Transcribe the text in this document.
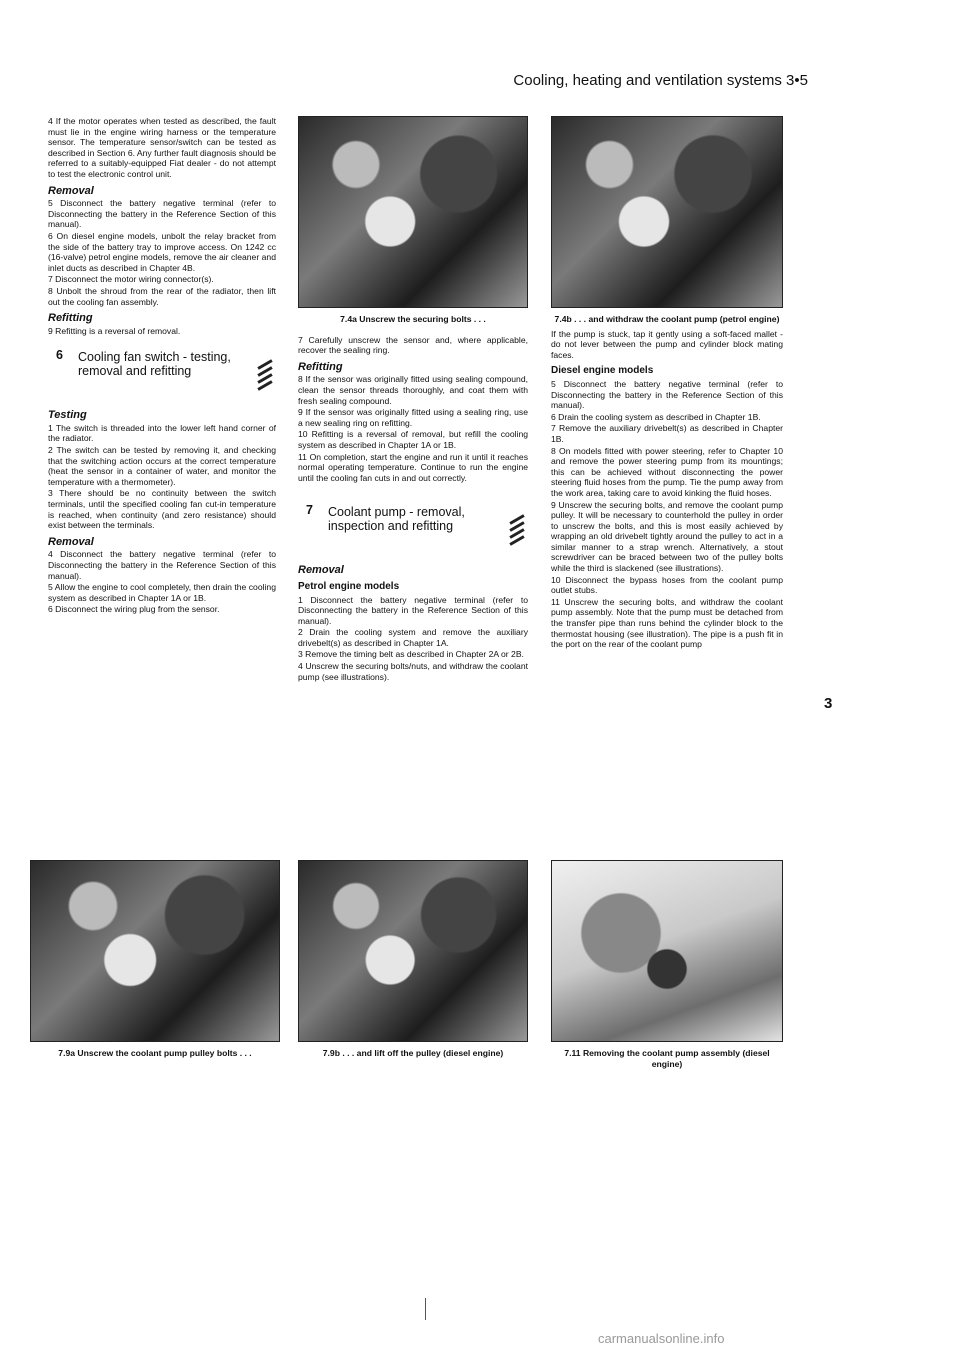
Cooling, heating and ventilation systems 3•5

4 If the motor operates when tested as described, the fault must lie in the engine wiring harness or the temperature sensor. The temperature sensor/switch can be tested as described in Section 6. Any further fault diagnosis should be referred to a suitably-equipped Fiat dealer - do not attempt to test the electronic control unit.

Removal

5 Disconnect the battery negative terminal (refer to Disconnecting the battery in the Reference Section of this manual).

6 On diesel engine models, unbolt the relay bracket from the side of the battery tray to improve access. On 1242 cc (16-valve) petrol engine models, remove the air cleaner and inlet ducts as described in Chapter 4B.

7 Disconnect the motor wiring connector(s).

8 Unbolt the shroud from the rear of the radiator, then lift out the cooling fan assembly.

Refitting

9 Refitting is a reversal of removal.

6	Cooling fan switch - testing, removal and refitting
Testing

1 The switch is threaded into the lower left hand corner of the radiator.

2 The switch can be tested by removing it, and checking that the switching action occurs at the correct temperature (heat the sensor in a container of water, and monitor the temperature with a thermometer).

3 There should be no continuity between the switch terminals, until the specified cooling fan cut-in temperature is reached, when continuity (and zero resistance) should exist between the terminals.

Removal

4 Disconnect the battery negative terminal (refer to Disconnecting the battery in the Reference Section of this manual).

5 Allow the engine to cool completely, then drain the cooling system as described in Chapter 1A or 1B.

6 Disconnect the wiring plug from the sensor.

7.4a Unscrew the securing bolts . . .

7 Carefully unscrew the sensor and, where applicable, recover the sealing ring.

Refitting

8 If the sensor was originally fitted using sealing compound, clean the sensor threads thoroughly, and coat them with fresh sealing compound.

9 If the sensor was originally fitted using a sealing ring, use a new sealing ring on refitting.

10 Refitting is a reversal of removal, but refill the cooling system as described in Chapter 1A or 1B.

11 On completion, start the engine and run it until it reaches normal operating temperature. Continue to run the engine until the cooling fan cuts in and out correctly.

7	Coolant pump - removal, inspection and refitting
Removal
Petrol engine models

1 Disconnect the battery negative terminal (refer to Disconnecting the battery in the Reference Section of this manual).

2 Drain the cooling system and remove the auxiliary drivebelt(s) as described in Chapter 1A.

3 Remove the timing belt as described in Chapter 2A or 2B.

4 Unscrew the securing bolts/nuts, and withdraw the coolant pump (see illustrations).

7.4b . . . and withdraw the coolant pump (petrol engine)

If the pump is stuck, tap it gently using a soft-faced mallet - do not lever between the pump and cylinder block mating faces.

Diesel engine models

5 Disconnect the battery negative terminal (refer to Disconnecting the battery in the Reference Section of this manual).

6 Drain the cooling system as described in Chapter 1B.

7 Remove the auxiliary drivebelt(s) as described in Chapter 1B.

8 On models fitted with power steering, refer to Chapter 10 and remove the power steering pump from its mountings; this can be achieved without disconnecting the power steering fluid hoses from the pump. Tie the pump away from the work area, taking care to avoid kinking the fluid hoses.

9 Unscrew the securing bolts, and remove the coolant pump pulley. It will be necessary to counterhold the pulley in order to unscrew the bolts, and this is most easily achieved by wrapping an old drivebelt tightly around the pulley to act in a similar manner to a strap wrench. Alternatively, a stout screwdriver can be braced between two of the pulley bolts while the third is slackened (see illustrations).

10 Disconnect the bypass hoses from the coolant pump outlet stubs.

11 Unscrew the securing bolts, and withdraw the coolant pump assembly. Note that the pump must be detached from the transfer pipe than runs behind the cylinder block to the thermostat housing (see illustration). The pipe is a push fit in the port on the rear of the coolant pump

3
7.9a Unscrew the coolant pump pulley bolts . . .	7.9b . . . and lift off the pulley (diesel engine)	7.11 Removing the coolant pump assembly (diesel engine)
carmanualsonline.info
